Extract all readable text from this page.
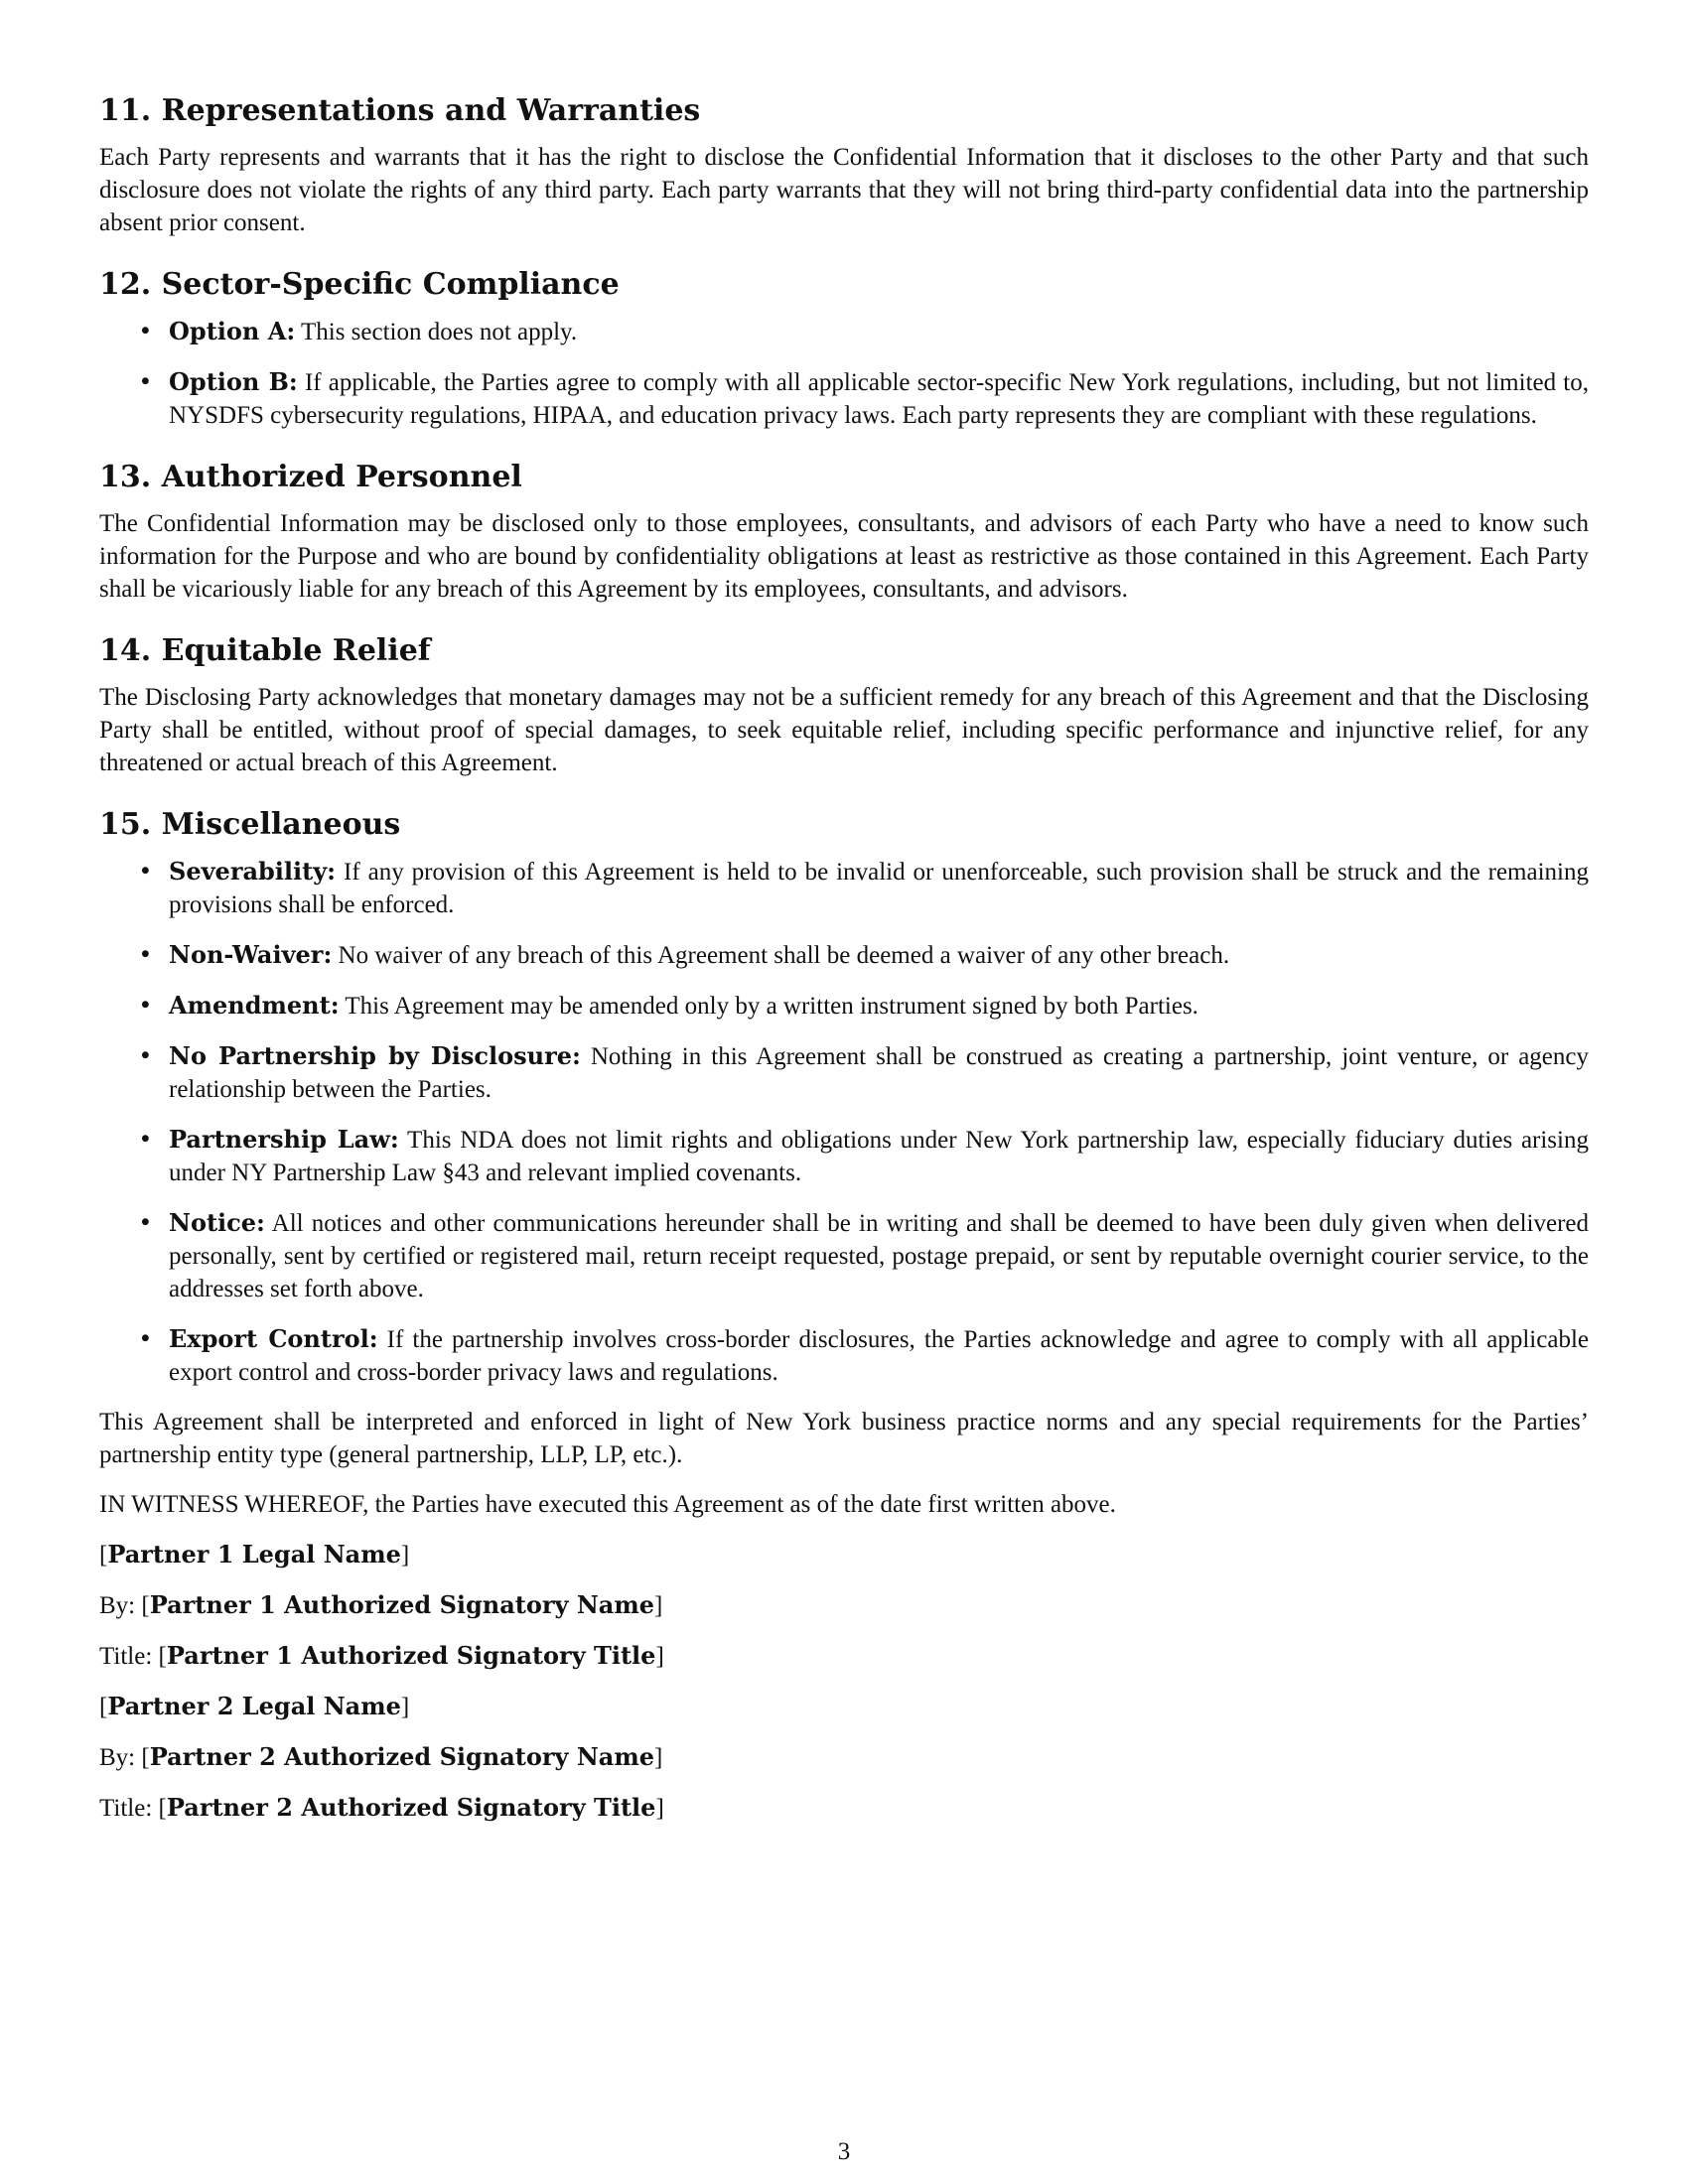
11. Representations and Warranties

Each Party represents and warrants that it has the right to disclose the Confidential Information that it discloses to the other Party and that such disclosure does not violate the rights of any third party. Each party warrants that they will not bring third-party confidential data into the partnership absent prior consent.

12. Sector-Specific Compliance
• Option A: This section does not apply.
• Option B: If applicable, the Parties agree to comply with all applicable sector-specific New York regulations, including, but not limited to, NYSDFS cybersecurity regulations, HIPAA, and education privacy laws. Each party represents they are compliant with these regulations.
13. Authorized Personnel

The Confidential Information may be disclosed only to those employees, consultants, and advisors of each Party who have a need to know such information for the Purpose and who are bound by confidentiality obligations at least as restrictive as those contained in this Agreement. Each Party shall be vicariously liable for any breach of this Agreement by its employees, consultants, and advisors.

14. Equitable Relief

The Disclosing Party acknowledges that monetary damages may not be a sufficient remedy for any breach of this Agreement and that the Disclosing Party shall be entitled, without proof of special damages, to seek equitable relief, including specific performance and injunctive relief, for any threatened or actual breach of this Agreement.

15. Miscellaneous
• Severability: If any provision of this Agreement is held to be invalid or unenforceable, such provision shall be struck and the remaining provisions shall be enforced.
• Non-Waiver: No waiver of any breach of this Agreement shall be deemed a waiver of any other breach.
• Amendment: This Agreement may be amended only by a written instrument signed by both Parties.
• No Partnership by Disclosure: Nothing in this Agreement shall be construed as creating a partnership, joint venture, or agency relationship between the Parties.
• Partnership Law: This NDA does not limit rights and obligations under New York partnership law, especially fiduciary duties arising under NY Partnership Law §43 and relevant implied covenants.
• Notice: All notices and other communications hereunder shall be in writing and shall be deemed to have been duly given when delivered personally, sent by certified or registered mail, return receipt requested, postage prepaid, or sent by reputable overnight courier service, to the addresses set forth above.
• Export Control: If the partnership involves cross-border disclosures, the Parties acknowledge and agree to comply with all applicable export control and cross-border privacy laws and regulations.

This Agreement shall be interpreted and enforced in light of New York business practice norms and any special requirements for the Parties’ partnership entity type (general partnership, LLP, LP, etc.).

IN WITNESS WHEREOF, the Parties have executed this Agreement as of the date first written above.

[Partner 1 Legal Name]
By: [Partner 1 Authorized Signatory Name]
Title: [Partner 1 Authorized Signatory Title]
[Partner 2 Legal Name]
By: [Partner 2 Authorized Signatory Name]
Title: [Partner 2 Authorized Signatory Title]
3
